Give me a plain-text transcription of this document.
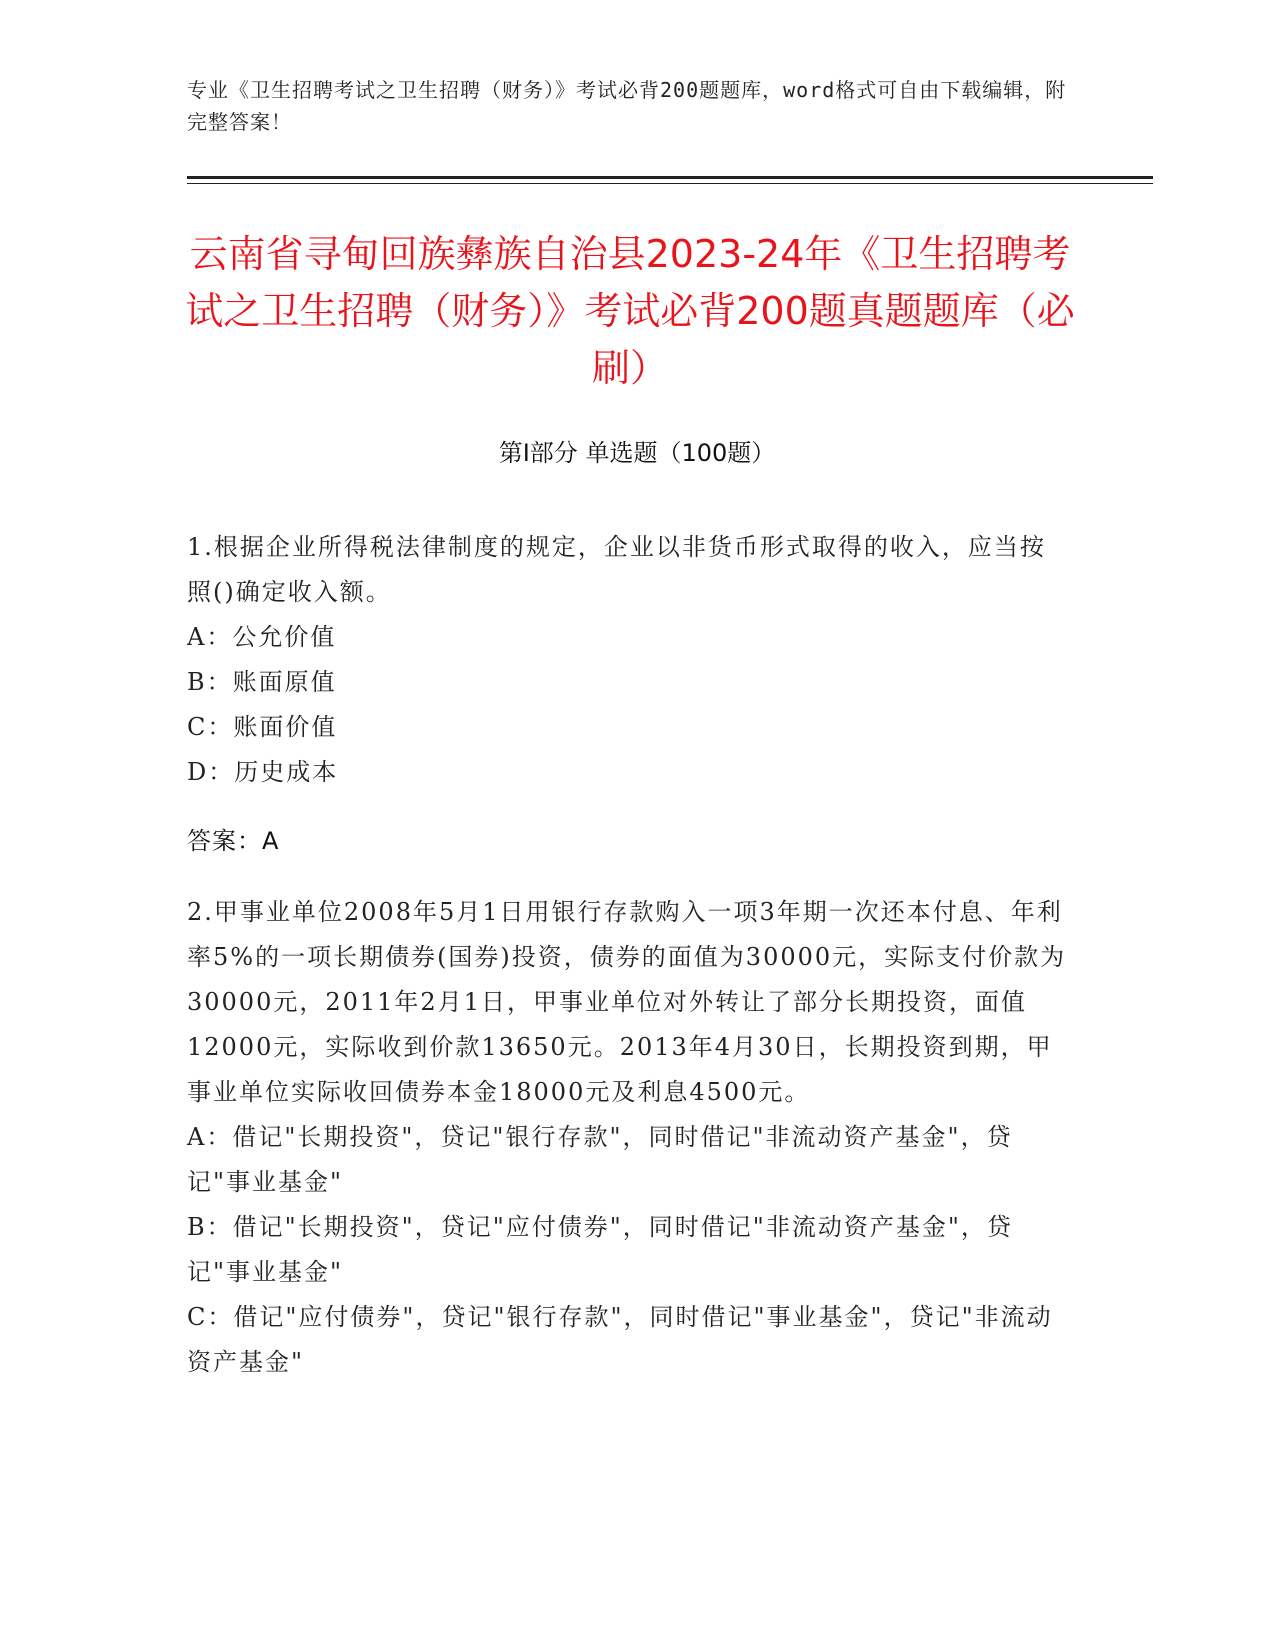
专业《卫生招聘考试之卫生招聘（财务）》考试必背200题题库，word格式可自由下载编辑，附完整答案！
云南省寻甸回族彝族自治县2023-24年《卫生招聘考试之卫生招聘（财务）》考试必背200题真题题库（必刷）
第Ⅰ部分 单选题（100题）

1.根据企业所得税法律制度的规定，企业以非货币形式取得的收入，应当按照()确定收入额。

A：公允价值

B：账面原值

C：账面价值

D：历史成本

答案：A

2.甲事业单位2008年5月1日用银行存款购入一项3年期一次还本付息、年利率5%的一项长期债券(国券)投资，债券的面值为30000元，实际支付价款为30000元，2011年2月1日，甲事业单位对外转让了部分长期投资，面值12000元，实际收到价款13650元。2013年4月30日，长期投资到期，甲事业单位实际收回债券本金18000元及利息4500元。

A：借记"长期投资"，贷记"银行存款"，同时借记"非流动资产基金"，贷记"事业基金"

B：借记"长期投资"，贷记"应付债券"，同时借记"非流动资产基金"，贷记"事业基金"

C：借记"应付债券"，贷记"银行存款"，同时借记"事业基金"，贷记"非流动资产基金"
